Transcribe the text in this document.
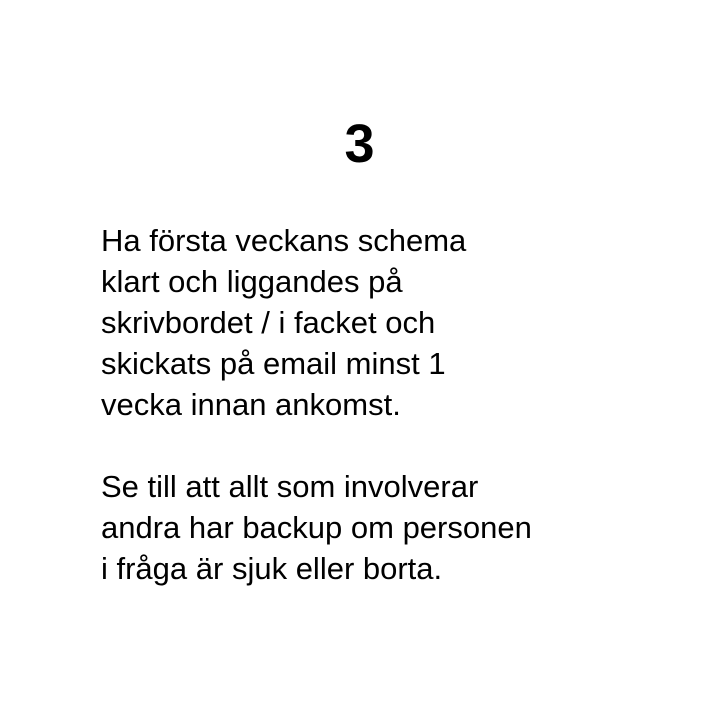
3

Ha första veckans schema
klart och liggandes på
skrivbordet / i facket och
skickats på email minst 1
vecka innan ankomst.

Se till att allt som involverar
andra har backup om personen
i fråga är sjuk eller borta.
